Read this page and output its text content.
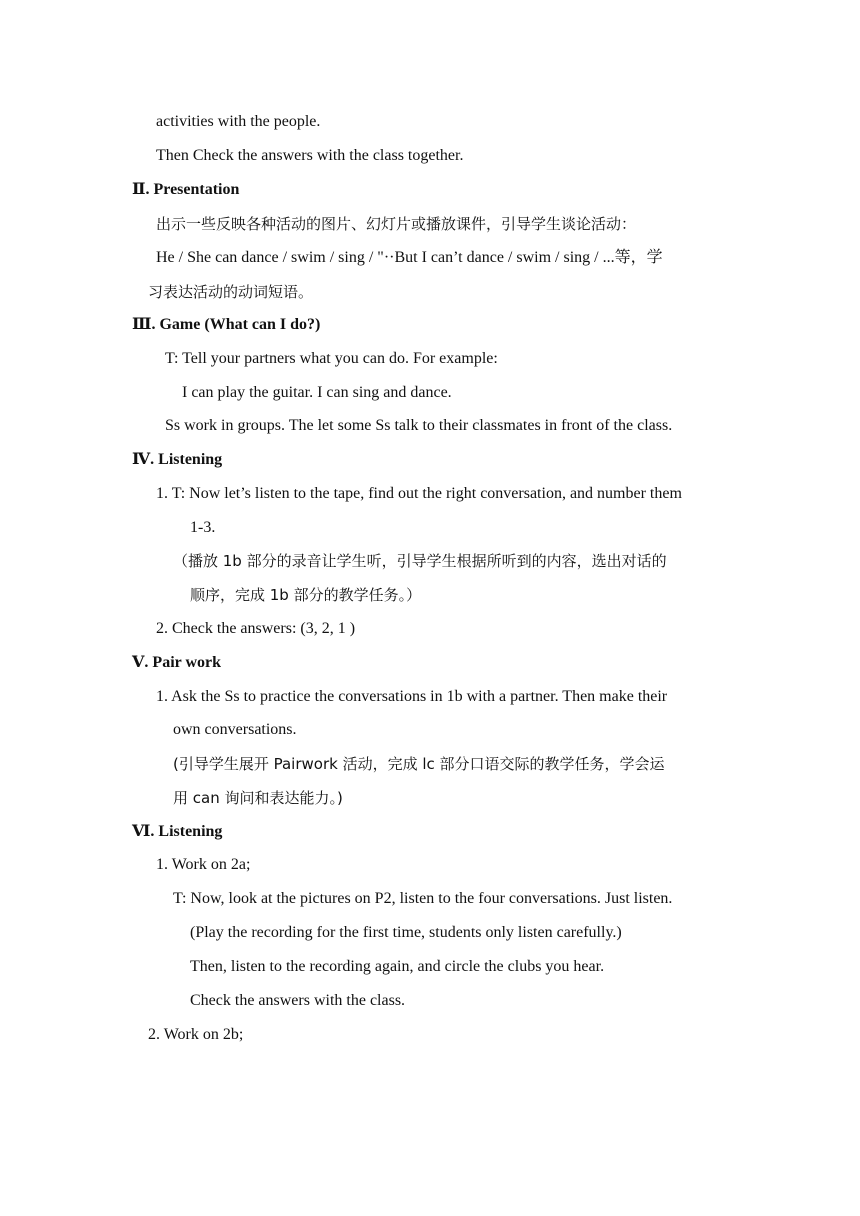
activities with the people.
Then Check the answers with the class together.
Ⅱ. Presentation
出示一些反映各种活动的图片、幻灯片或播放课件，引导学生谈论活动：
He / She can dance / swim / sing / "··But I can’t dance / swim / sing / ...等，学
习表达活动的动词短语。
Ⅲ. Game (What can I do?)
T: Tell your partners what you can do. For example:
I can play the guitar. I can sing and dance.
Ss work in groups. The let some Ss talk to their classmates in front of the class.
Ⅳ. Listening
1. T: Now let’s listen to the tape, find out the right conversation, and number them
1-3.
（播放 1b 部分的录音让学生听，引导学生根据所听到的内容，选出对话的
顺序，完成 1b 部分的教学任务。）
2. Check the answers: (3, 2, 1 )
Ⅴ. Pair work
1. Ask the Ss to practice the conversations in 1b with a partner. Then make their
own conversations.
(引导学生展开 Pairwork 活动，完成 lc 部分口语交际的教学任务，学会运
用 can 询问和表达能力。)
Ⅵ. Listening
1. Work on 2a;
T: Now, look at the pictures on P2, listen to the four conversations. Just listen.
(Play the recording for the first time, students only listen carefully.)
Then, listen to the recording again, and circle the clubs you hear.
Check the answers with the class.
2. Work on 2b;
